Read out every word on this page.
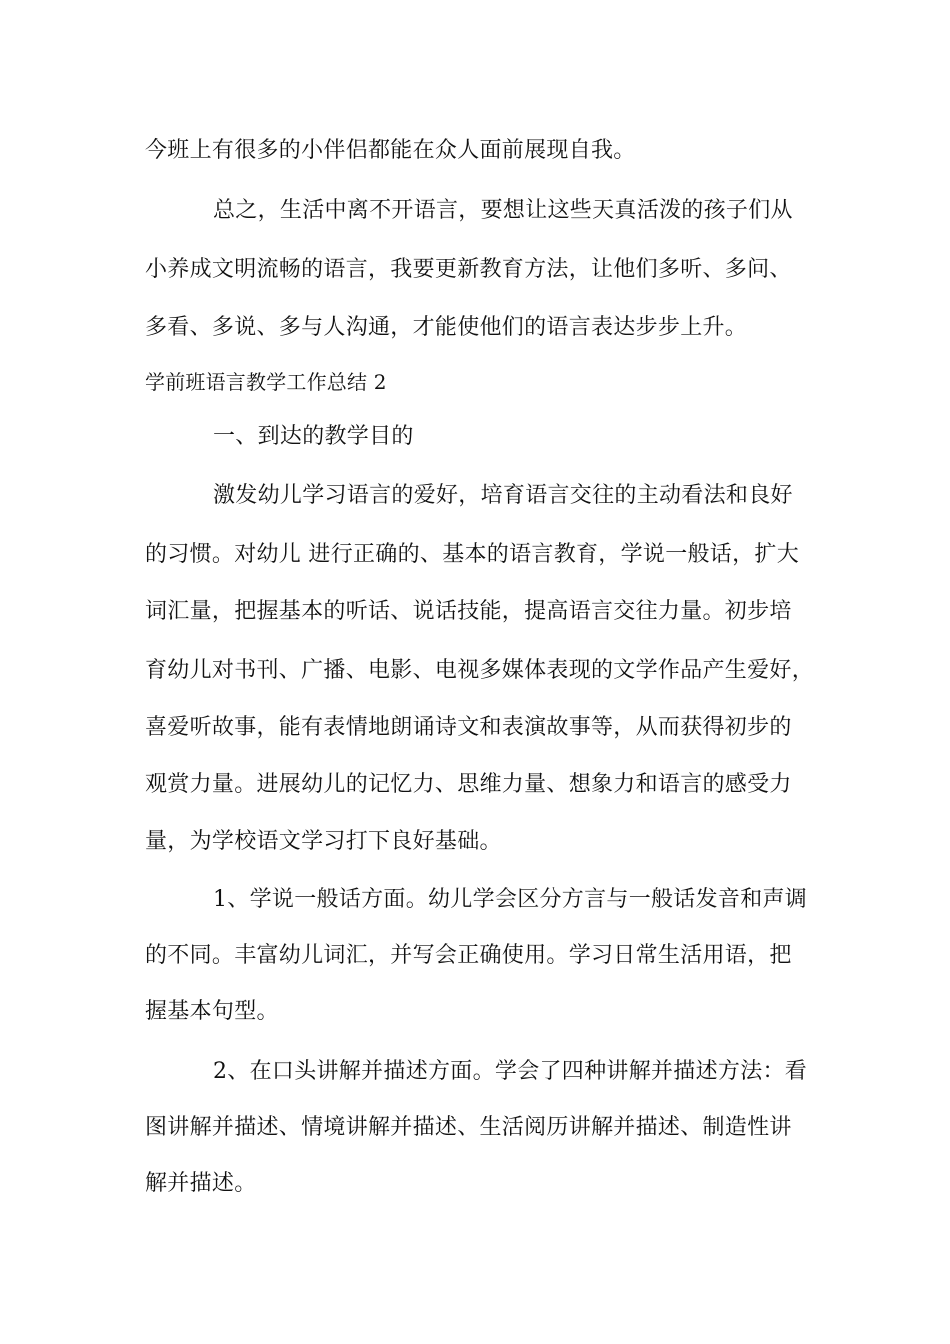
今班上有很多的小伴侣都能在众人面前展现自我。
总之，生活中离不开语言，要想让这些天真活泼的孩子们从
小养成文明流畅的语言，我要更新教育方法，让他们多听、多问、
多看、多说、多与人沟通，才能使他们的语言表达步步上升。
学前班语言教学工作总结 2
一、到达的教学目的
激发幼儿学习语言的爱好，培育语言交往的主动看法和良好
的习惯。对幼儿 进行正确的、基本的语言教育，学说一般话，扩大
词汇量，把握基本的听话、说话技能，提高语言交往力量。初步培
育幼儿对书刊、广播、电影、电视多媒体表现的文学作品产生爱好，
喜爱听故事，能有表情地朗诵诗文和表演故事等，从而获得初步的
观赏力量。进展幼儿的记忆力、思维力量、想象力和语言的感受力
量，为学校语文学习打下良好基础。
1、学说一般话方面。幼儿学会区分方言与一般话发音和声调
的不同。丰富幼儿词汇，并写会正确使用。学习日常生活用语，把
握基本句型。
2、在口头讲解并描述方面。学会了四种讲解并描述方法：看
图讲解并描述、情境讲解并描述、生活阅历讲解并描述、制造性讲
解并描述。
